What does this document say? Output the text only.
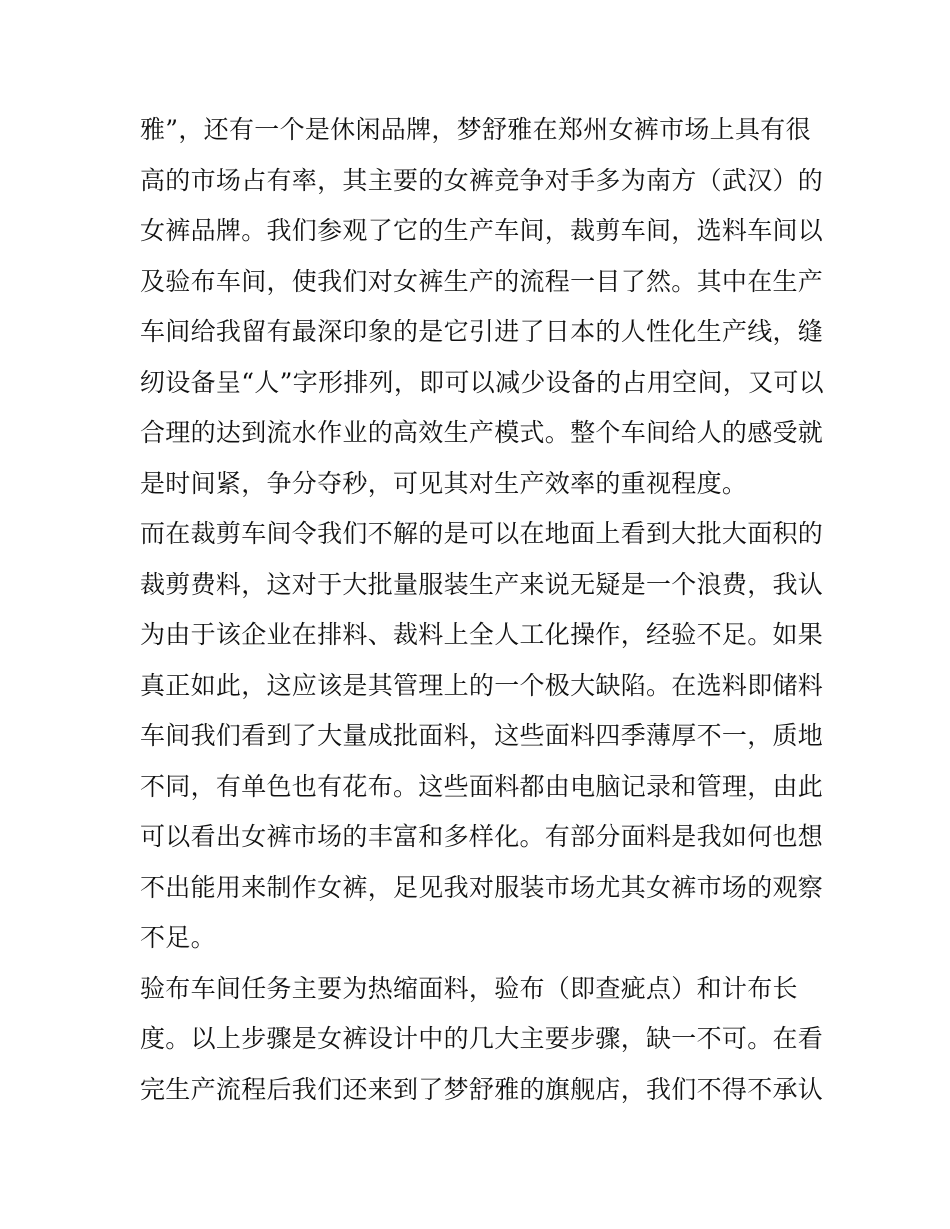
雅”，还有一个是休闲品牌，梦舒雅在郑州女裤市场上具有很
高的市场占有率，其主要的女裤竞争对手多为南方（武汉）的
女裤品牌。我们参观了它的生产车间，裁剪车间，选料车间以
及验布车间，使我们对女裤生产的流程一目了然。其中在生产
车间给我留有最深印象的是它引进了日本的人性化生产线，缝
纫设备呈“人”字形排列，即可以减少设备的占用空间，又可以
合理的达到流水作业的高效生产模式。整个车间给人的感受就
是时间紧，争分夺秒，可见其对生产效率的重视程度。
而在裁剪车间令我们不解的是可以在地面上看到大批大面积的
裁剪费料，这对于大批量服装生产来说无疑是一个浪费，我认
为由于该企业在排料、裁料上全人工化操作，经验不足。如果
真正如此，这应该是其管理上的一个极大缺陷。在选料即储料
车间我们看到了大量成批面料，这些面料四季薄厚不一，质地
不同，有单色也有花布。这些面料都由电脑记录和管理，由此
可以看出女裤市场的丰富和多样化。有部分面料是我如何也想
不出能用来制作女裤，足见我对服装市场尤其女裤市场的观察
不足。
验布车间任务主要为热缩面料，验布（即查疵点）和计布长
度。以上步骤是女裤设计中的几大主要步骤，缺一不可。在看
完生产流程后我们还来到了梦舒雅的旗舰店，我们不得不承认
